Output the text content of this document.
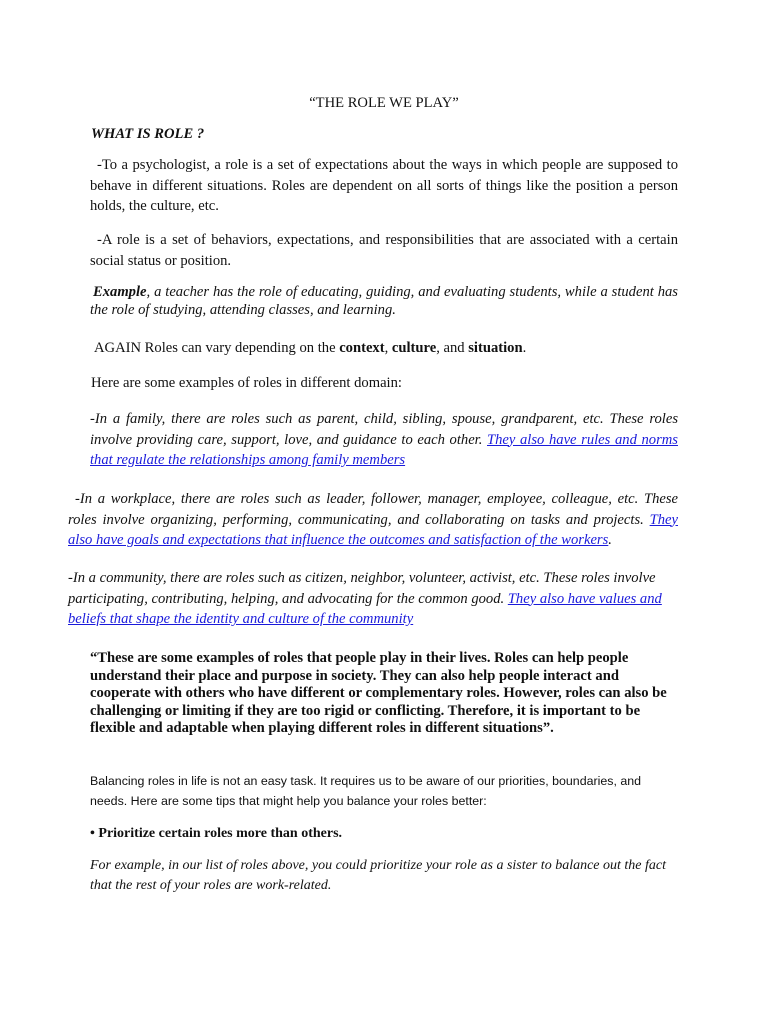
“THE ROLE WE PLAY”

WHAT IS ROLE ?

-To a psychologist, a role is a set of expectations about the ways in which people are supposed to behave in different situations. Roles are dependent on all sorts of things like the position a person holds, the culture, etc.

-A role is a set of behaviors, expectations, and responsibilities that are associated with a certain social status or position.

Example, a teacher has the role of educating, guiding, and evaluating students, while a student has the role of studying, attending classes, and learning.

AGAIN Roles can vary depending on the context, culture, and situation.

Here are some examples of roles in different domain:

-In a family, there are roles such as parent, child, sibling, spouse, grandparent, etc. These roles involve providing care, support, love, and guidance to each other. They also have rules and norms that regulate the relationships among family members

-In a workplace, there are roles such as leader, follower, manager, employee, colleague, etc. These roles involve organizing, performing, communicating, and collaborating on tasks and projects. They also have goals and expectations that influence the outcomes and satisfaction of the workers.

-In a community, there are roles such as citizen, neighbor, volunteer, activist, etc. These roles involve participating, contributing, helping, and advocating for the common good. They also have values and beliefs that shape the identity and culture of the community

“These are some examples of roles that people play in their lives. Roles can help people understand their place and purpose in society. They can also help people interact and cooperate with others who have different or complementary roles. However, roles can also be challenging or limiting if they are too rigid or conflicting. Therefore, it is important to be flexible and adaptable when playing different roles in different situations”.

Balancing roles in life is not an easy task. It requires us to be aware of our priorities, boundaries, and needs. Here are some tips that might help you balance your roles better:

• Prioritize certain roles more than others.

For example, in our list of roles above, you could prioritize your role as a sister to balance out the fact that the rest of your roles are work-related.
